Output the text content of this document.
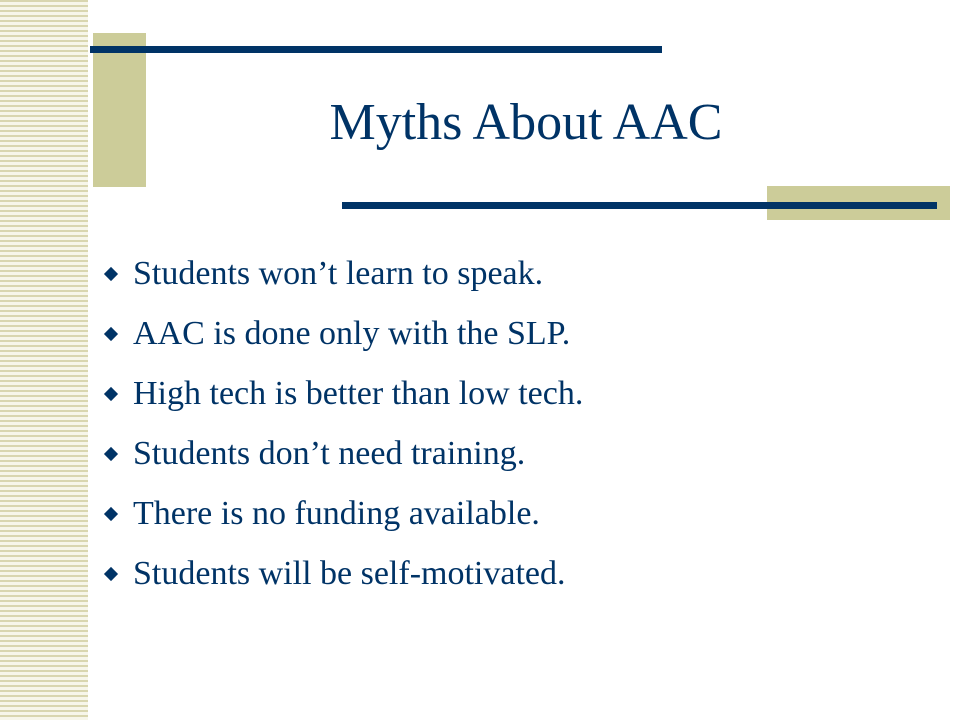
Myths About AAC
Students won’t learn to speak.
AAC is done only with the SLP.
High tech is better than low tech.
Students don’t need training.
There is no funding available.
Students will be self-motivated.
